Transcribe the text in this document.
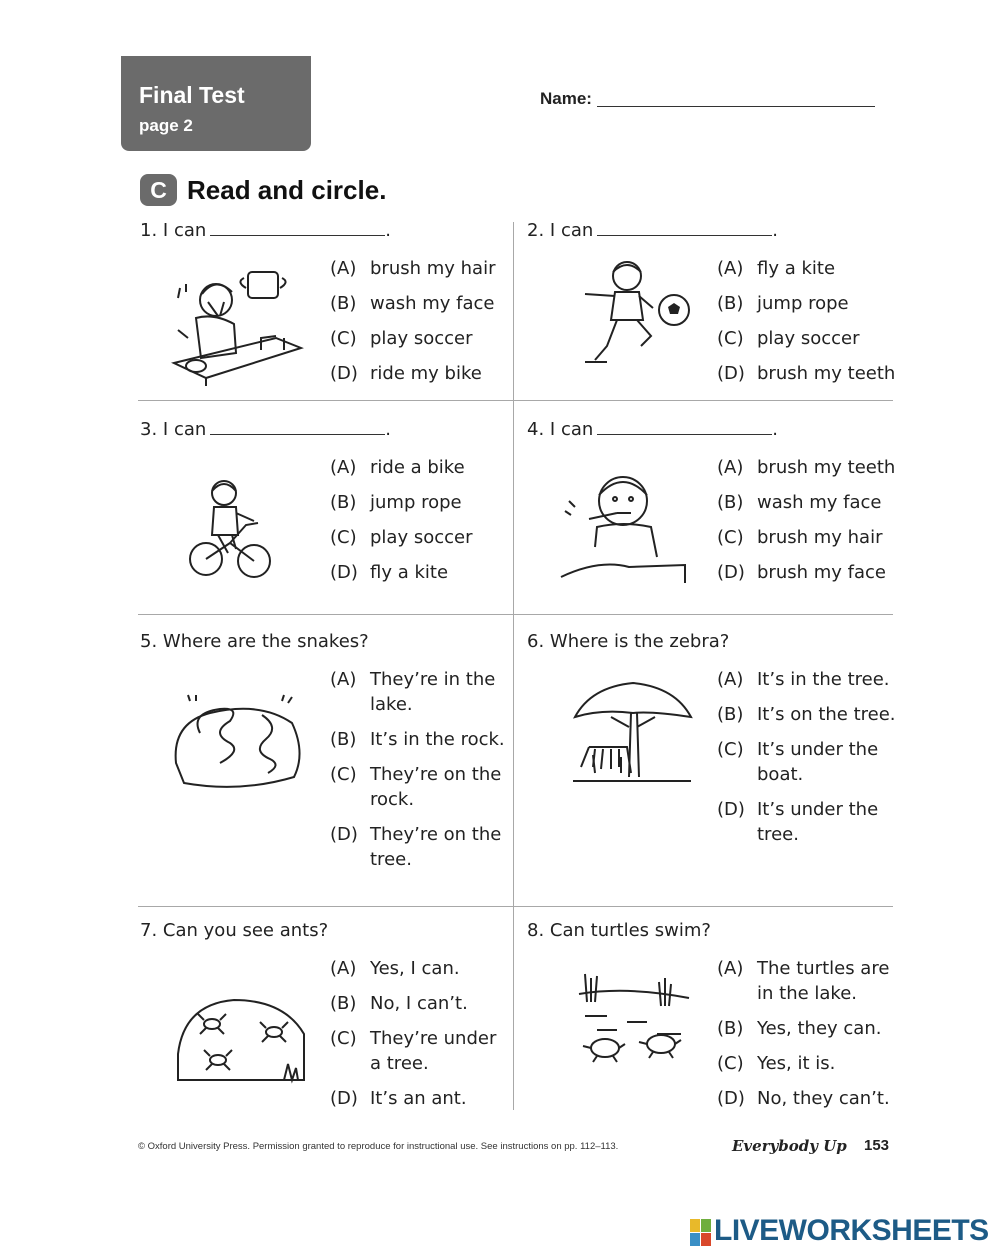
Final Test
page 2
Name:
C Read and circle.
1. I can	.
(A) brush my hair
(B) wash my face
(C) play soccer
(D) ride my bike
2. I can	.
(A) fly a kite
(B) jump rope
(C) play soccer
(D) brush my teeth
3. I can	.
(A) ride a bike
(B) jump rope
(C) play soccer
(D) fly a kite
4. I can	.
(A) brush my teeth
(B) wash my face
(C) brush my hair
(D) brush my face
5. Where are the snakes?
(A) They’re in the lake.
(B) It’s in the rock.
(C) They’re on the rock.
(D) They’re on the tree.
6. Where is the zebra?
(A) It’s in the tree.
(B) It’s on the tree.
(C) It’s under the boat.
(D) It’s under the tree.
7. Can you see ants?
(A) Yes, I can.
(B) No, I can’t.
(C) They’re under a tree.
(D) It’s an ant.
8. Can turtles swim?
(A) The turtles are in the lake.
(B) Yes, they can.
(C) Yes, it is.
(D) No, they can’t.
© Oxford University Press. Permission granted to reproduce for instructional use. See instructions on pp. 112–113.	Everybody Up 153
LIVEWORKSHEETS
